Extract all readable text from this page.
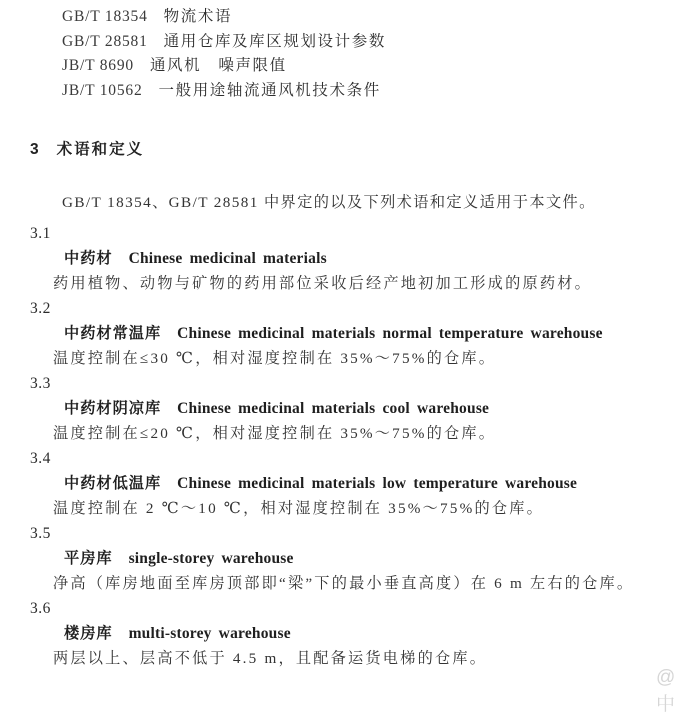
GB/T 18354 物流术语
GB/T 28581 通用仓库及库区规划设计参数
JB/T 8690 通风机　噪声限值
JB/T 10562 一般用途轴流通风机技术条件
3 术语和定义

GB/T 18354、GB/T 28581 中界定的以及下列术语和定义适用于本文件。

3.1
中药材 Chinese medicinal materials
药用植物、动物与矿物的药用部位采收后经产地初加工形成的原药材。
3.2
中药材常温库 Chinese medicinal materials normal temperature warehouse
温度控制在≤30 ℃，相对湿度控制在 35%～75%的仓库。
3.3
中药材阴凉库 Chinese medicinal materials cool warehouse
温度控制在≤20 ℃，相对湿度控制在 35%～75%的仓库。
3.4
中药材低温库 Chinese medicinal materials low temperature warehouse
温度控制在 2 ℃～10 ℃，相对湿度控制在 35%～75%的仓库。
3.5
平房库 single-storey warehouse
净高（库房地面至库房顶部即“梁”下的最小垂直高度）在 6 m 左右的仓库。
3.6
楼房库 multi-storey warehouse
两层以上、层高不低于 4.5 m，且配备运货电梯的仓库。
@中
